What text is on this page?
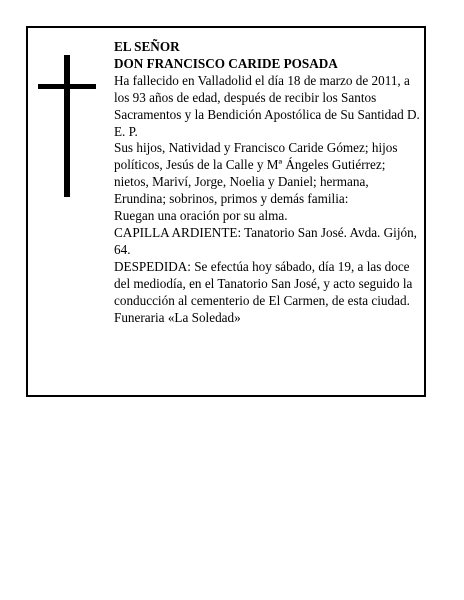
EL SEÑOR

DON FRANCISCO CARIDE POSADA

Ha fallecido en Valladolid el día 18 de marzo de 2011, a los 93 años de edad, después de recibir los Santos Sacramentos y la Bendición Apostólica de Su Santidad D. E. P.

Sus hijos, Natividad y Francisco Caride Gómez; hijos políticos, Jesús de la Calle y Mª Ángeles Gutiérrez; nietos, Mariví, Jorge, Noelia y Daniel; hermana, Erundina; sobrinos, primos y demás familia:

Ruegan una oración por su alma.

CAPILLA ARDIENTE: Tanatorio San José. Avda. Gijón, 64.

DESPEDIDA: Se efectúa hoy sábado, día 19, a las doce del mediodía, en el Tanatorio San José, y acto seguido la conducción al cementerio de El Carmen, de esta ciudad.

Funeraria «La Soledad»
